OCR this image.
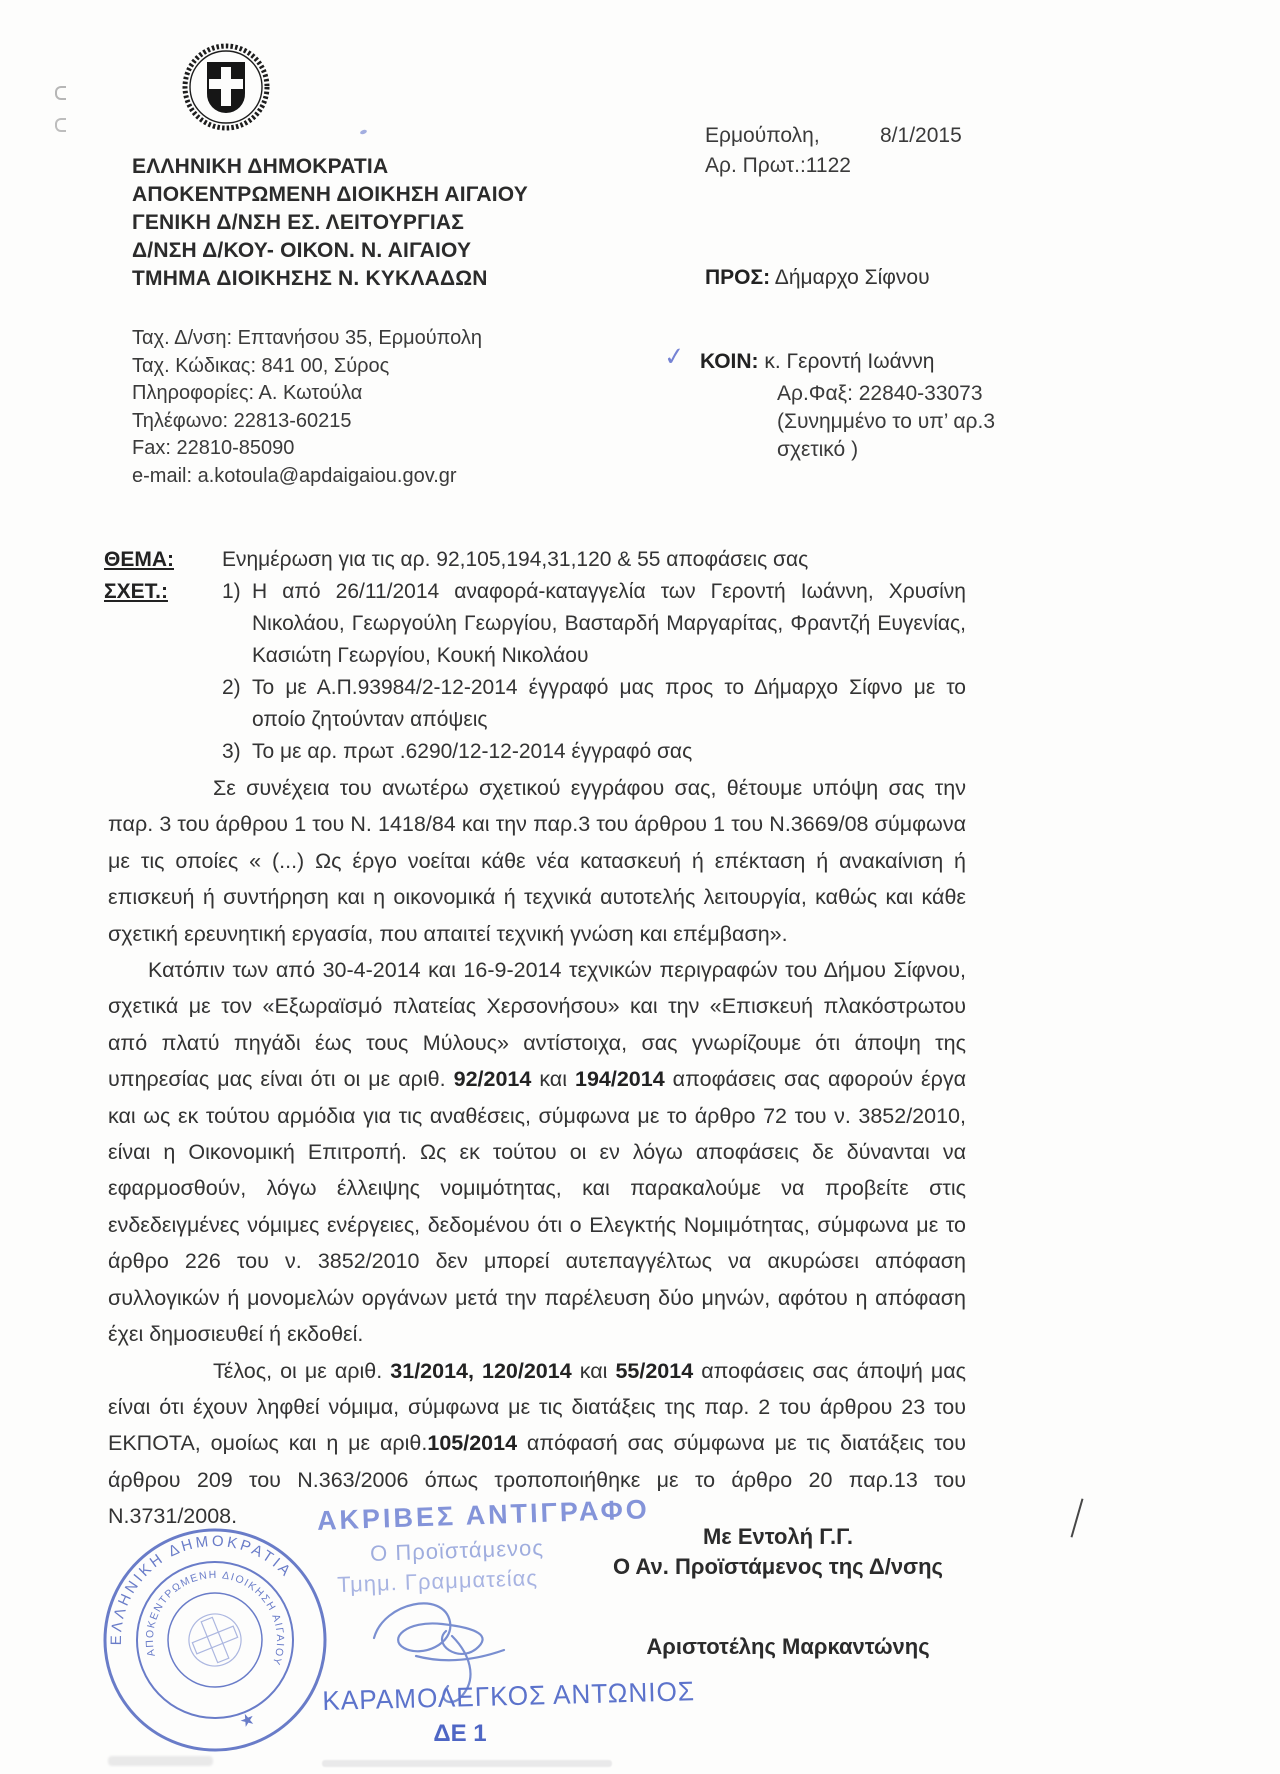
ΕΛΛΗΝΙΚΗ ΔΗΜΟΚΡΑΤΙΑ
ΑΠΟΚΕΝΤΡΩΜΕΝΗ ΔΙΟΙΚΗΣΗ ΑΙΓΑΙΟΥ
ΓΕΝΙΚΗ Δ/ΝΣΗ ΕΣ. ΛΕΙΤΟΥΡΓΙΑΣ
Δ/ΝΣΗ Δ/ΚΟΥ- ΟΙΚΟΝ. Ν. ΑΙΓΑΙΟΥ
ΤΜΗΜΑ ΔΙΟΙΚΗΣΗΣ Ν. ΚΥΚΛΑΔΩΝ
Ταχ. Δ/νση: Επτανήσου 35, Ερμούπολη
Ταχ. Κώδικας: 841 00, Σύρος
Πληροφορίες: Α. Κωτούλα
Τηλέφωνο: 22813-60215
Fax: 22810-85090
e-mail: a.kotoula@apdaigaiou.gov.gr
Ερμούπολη,	8/1/2015
Αρ. Πρωτ.:1122
ΠΡΟΣ: Δήμαρχο Σίφνου
✓ ΚΟΙΝ: κ. Γεροντή Ιωάννη
Αρ.Φαξ: 22840-33073
(Συνημμένο το υπ’ αρ.3
σχετικό )
ΘΕΜΑ:	Ενημέρωση για τις αρ. 92,105,194,31,120 & 55 αποφάσεις σας
ΣΧΕΤ.:	1) Η από 26/11/2014 αναφορά-καταγγελία των Γεροντή Ιωάννη, Χρυσίνη Νικολάου, Γεωργούλη Γεωργίου, Βασταρδή Μαργαρίτας, Φραντζή Ευγενίας, Κασιώτη Γεωργίου, Κουκή Νικολάου
2) Το με Α.Π.93984/2-12-2014 έγγραφό μας προς το Δήμαρχο Σίφνο με το οποίο ζητούνταν απόψεις
3) Το με αρ. πρωτ .6290/12-12-2014 έγγραφό σας

Σε συνέχεια του ανωτέρω σχετικού εγγράφου σας, θέτουμε υπόψη σας την παρ. 3 του άρθρου 1 του Ν. 1418/84 και την παρ.3 του άρθρου 1 του Ν.3669/08 σύμφωνα με τις οποίες « (...) Ως έργο νοείται κάθε νέα κατασκευή ή επέκταση ή ανακαίνιση ή επισκευή ή συντήρηση και η οικονομικά ή τεχνικά αυτοτελής λειτουργία, καθώς και κάθε σχετική ερευνητική εργασία, που απαιτεί τεχνική γνώση και επέμβαση».

Κατόπιν των από 30-4-2014 και 16-9-2014 τεχνικών περιγραφών του Δήμου Σίφνου, σχετικά με τον «Εξωραϊσμό πλατείας Χερσονήσου» και την «Επισκευή πλακόστρωτου από πλατύ πηγάδι έως τους Μύλους» αντίστοιχα, σας γνωρίζουμε ότι άποψη της υπηρεσίας μας είναι ότι οι με αριθ. 92/2014 και 194/2014 αποφάσεις σας αφορούν έργα και ως εκ τούτου αρμόδια για τις αναθέσεις, σύμφωνα με το άρθρο 72 του ν. 3852/2010, είναι η Οικονομική Επιτροπή. Ως εκ τούτου οι εν λόγω αποφάσεις δε δύνανται να εφαρμοσθούν, λόγω έλλειψης νομιμότητας, και παρακαλούμε να προβείτε στις ενδεδειγμένες νόμιμες ενέργειες, δεδομένου ότι ο Ελεγκτής Νομιμότητας, σύμφωνα με το άρθρο 226 του ν. 3852/2010 δεν μπορεί αυτεπαγγέλτως να ακυρώσει απόφαση συλλογικών ή μονομελών οργάνων μετά την παρέλευση δύο μηνών, αφότου η απόφαση έχει δημοσιευθεί ή εκδοθεί.

Τέλος, οι με αριθ. 31/2014, 120/2014 και 55/2014 αποφάσεις σας άποψή μας είναι ότι έχουν ληφθεί νόμιμα, σύμφωνα με τις διατάξεις της παρ. 2 του άρθρου 23 του ΕΚΠΟΤΑ, ομοίως και η με αριθ.105/2014 απόφασή σας σύμφωνα με τις διατάξεις του άρθρου 209 του Ν.363/2006 όπως τροποποιήθηκε με το άρθρο 20 παρ.13 του Ν.3731/2008.	ΑΚΡΙΒΕΣ ΑΝΤΙΓΡΑΦΟ
Ο Προϊστάμενος
Τμημ. Γραμματείας
Με Εντολή Γ.Γ.
Ο Αν. Προϊστάμενος της Δ/νσης
Αριστοτέλης Μαρκαντώνης
ΕΛΛΗΝΙΚΗ ΔΗΜΟΚΡΑΤΙΑ
ΑΠΟΚΕΝΤΡΩΜΕΝΗ ΔΙΟΙΚΗΣΗ ΑΙΓΑΙΟΥ
★
ΚΑΡΑΜΟΛΕΓΚΟΣ ΑΝΤΩΝΙΟΣ
ΔΕ 1
